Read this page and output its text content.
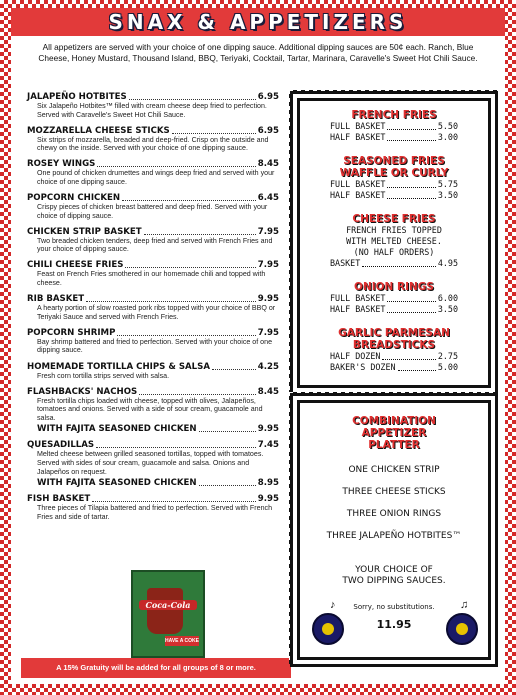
SNAX & APPETIZERS
All appetizers are served with your choice of one dipping sauce. Additional dipping sauces are 50¢ each. Ranch, Blue Cheese, Honey Mustard, Thousand Island, BBQ, Teriyaki, Cocktail, Tartar, Marinara, Caravelle's Sweet Hot Chili Sauce.
JALAPEÑO HOTBITES	6.95
Six Jalapeño Hotbites™ filled with cream cheese deep fried to perfection. Served with Caravelle's Sweet Hot Chili Sauce.
MOZZARELLA CHEESE STICKS	6.95
Six strips of mozzarella, breaded and deep-fried. Crisp on the outside and chewy on the inside. Served with your choice of one dipping sauce.
ROSEY WINGS	8.45
One pound of chicken drumettes and wings deep fried and served with your choice of one dipping sauce.
POPCORN CHICKEN	6.45
Crispy pieces of chicken breast battered and deep fried. Served with your choice of dipping sauce.
CHICKEN STRIP BASKET	7.95
Two breaded chicken tenders, deep fried and served with French Fries and your choice of dipping sauce.
CHILI CHEESE FRIES	7.95
Feast on French Fries smothered in our homemade chili and topped with cheese.
RIB BASKET	9.95
A hearty portion of slow roasted pork ribs topped with your choice of BBQ or Teriyaki Sauce and served with French Fries.
POPCORN SHRIMP	7.95
Bay shrimp battered and fried to perfection. Served with your choice of one dipping sauce.
HOMEMADE TORTILLA CHIPS & SALSA	4.25
Fresh corn tortilla strips served with salsa.
FLASHBACKS' NACHOS	8.45
Fresh tortilla chips loaded with cheese, topped with olives, Jalapeños, tomatoes and onions. Served with a side of sour cream, guacamole and salsa.
WITH FAJITA SEASONED CHICKEN	9.95
QUESADILLAS	7.45
Melted cheese between grilled seasoned tortillas, topped with tomatoes. Served with sides of sour cream, guacamole and salsa. Onions and Jalapeños on request.
WITH FAJITA SEASONED CHICKEN	8.95
FISH BASKET	9.95
Three pieces of Tilapia battered and fried to perfection. Served with French Fries and side of tartar.
Coca-Cola
HAVE A COKE
A 15% Gratuity will be added for all groups of 8 or more.
FRENCH FRIES
FULL BASKET	5.50
HALF BASKET	3.00
SEASONED FRIES
WAFFLE OR CURLY
FULL BASKET	5.75
HALF BASKET	3.50
CHEESE FRIES
FRENCH FRIES TOPPED
WITH MELTED CHEESE.
(NO HALF ORDERS)
BASKET	4.95
ONION RINGS
FULL BASKET	6.00
HALF BASKET	3.50
GARLIC PARMESAN
BREADSTICKS
HALF DOZEN	2.75
BAKER'S DOZEN	5.00
COMBINATION
APPETIZER
PLATTER
ONE CHICKEN STRIP
THREE CHEESE STICKS
THREE ONION RINGS
THREE JALAPEÑO HOTBITES™
YOUR CHOICE OF
TWO DIPPING SAUCES.
Sorry, no substitutions.
11.95
♪	♫
